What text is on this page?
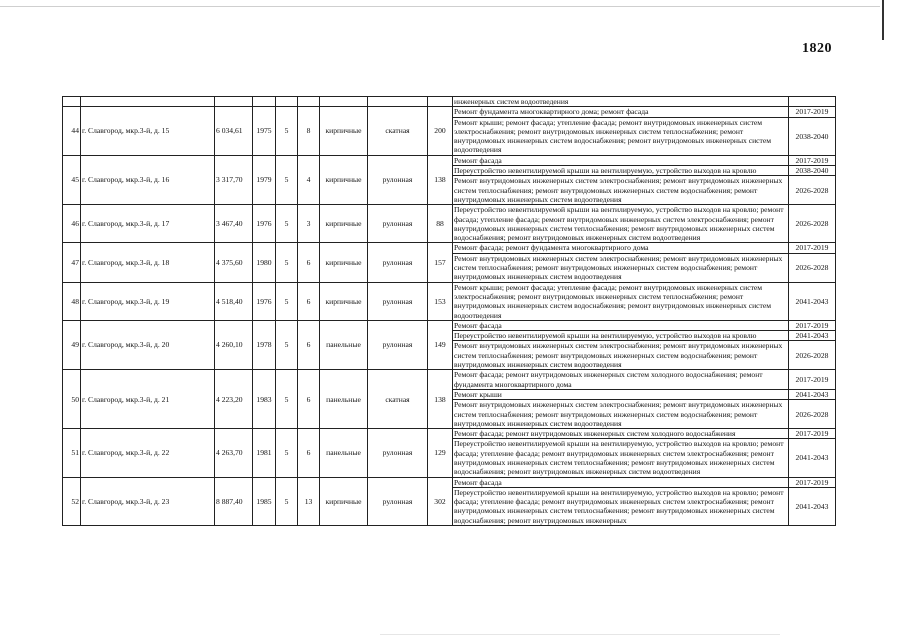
1820
									инженерных систем водоотведения	
44	г. Славгород, мкр.3-й, д. 15	6 034,61	1975	5	8	кирпичные	скатная	200	Ремонт фундамента многоквартирного дома; ремонт фасада	2017-2019
									Ремонт крыши; ремонт фасада; утепление фасада; ремонт внутридомовых инженерных систем электроснабжения; ремонт внутридомовых инженерных систем теплоснабжения; ремонт внутридомовых инженерных систем водоснабжения; ремонт внутридомовых инженерных систем водоотведения	2038-2040
45	г. Славгород, мкр.3-й, д. 16	3 317,70	1979	5	4	кирпичные	рулонная	138	Ремонт фасада	2017-2019
									Переустройство невентилируемой крыши на вентилируемую, устройство выходов на кровлю	2038-2040
									Ремонт внутридомовых инженерных систем электроснабжения; ремонт внутридомовых инженерных систем теплоснабжения; ремонт внутридомовых инженерных систем водоснабжения; ремонт внутридомовых инженерных систем водоотведения	2026-2028
46	г. Славгород, мкр.3-й, д. 17	3 467,40	1976	5	3	кирпичные	рулонная	88	Переустройство невентилируемой крыши на вентилируемую, устройство выходов на кровлю; ремонт фасада; утепление фасада; ремонт внутридомовых инженерных систем электроснабжения; ремонт внутридомовых инженерных систем теплоснабжения; ремонт внутридомовых инженерных систем водоснабжения; ремонт внутридомовых инженерных систем водоотведения	2026-2028
47	г. Славгород, мкр.3-й, д. 18	4 375,60	1980	5	6	кирпичные	рулонная	157	Ремонт фасада; ремонт фундамента многоквартирного дома	2017-2019
									Ремонт внутридомовых инженерных систем электроснабжения; ремонт внутридомовых инженерных систем теплоснабжения; ремонт внутридомовых инженерных систем водоснабжения; ремонт внутридомовых инженерных систем водоотведения	2026-2028
48	г. Славгород, мкр.3-й, д. 19	4 518,40	1976	5	6	кирпичные	рулонная	153	Ремонт крыши; ремонт фасада; утепление фасада; ремонт внутридомовых инженерных систем электроснабжения; ремонт внутридомовых инженерных систем теплоснабжения; ремонт внутридомовых инженерных систем водоснабжения; ремонт внутридомовых инженерных систем водоотведения	2041-2043
49	г. Славгород, мкр.3-й, д. 20	4 260,10	1978	5	6	панельные	рулонная	149	Ремонт фасада	2017-2019
									Переустройство невентилируемой крыши на вентилируемую, устройство выходов на кровлю	2041-2043
									Ремонт внутридомовых инженерных систем электроснабжения; ремонт внутридомовых инженерных систем теплоснабжения; ремонт внутридомовых инженерных систем водоснабжения; ремонт внутридомовых инженерных систем водоотведения	2026-2028
50	г. Славгород, мкр.3-й, д. 21	4 223,20	1983	5	6	панельные	скатная	138	Ремонт фасада; ремонт внутридомовых инженерных систем холодного водоснабжения; ремонт фундамента многоквартирного дома	2017-2019
									Ремонт крыши	2041-2043
									Ремонт внутридомовых инженерных систем электроснабжения; ремонт внутридомовых инженерных систем теплоснабжения; ремонт внутридомовых инженерных систем водоснабжения; ремонт внутридомовых инженерных систем водоотведения	2026-2028
51	г. Славгород, мкр.3-й, д. 22	4 263,70	1981	5	6	панельные	рулонная	129	Ремонт фасада; ремонт внутридомовых инженерных систем холодного водоснабжения	2017-2019
									Переустройство невентилируемой крыши на вентилируемую, устройство выходов на кровлю; ремонт фасада; утепление фасада; ремонт внутридомовых инженерных систем электроснабжения; ремонт внутридомовых инженерных систем теплоснабжения; ремонт внутридомовых инженерных систем водоснабжения; ремонт внутридомовых инженерных систем водоотведения	2041-2043
52	г. Славгород, мкр.3-й, д. 23	8 887,40	1985	5	13	кирпичные	рулонная	302	Ремонт фасада	2017-2019
									Переустройство невентилируемой крыши на вентилируемую, устройство выходов на кровлю; ремонт фасада; утепление фасада; ремонт внутридомовых инженерных систем электроснабжения; ремонт внутридомовых инженерных систем теплоснабжения; ремонт внутридомовых инженерных систем водоснабжения; ремонт внутридомовых инженерных	2041-2043
